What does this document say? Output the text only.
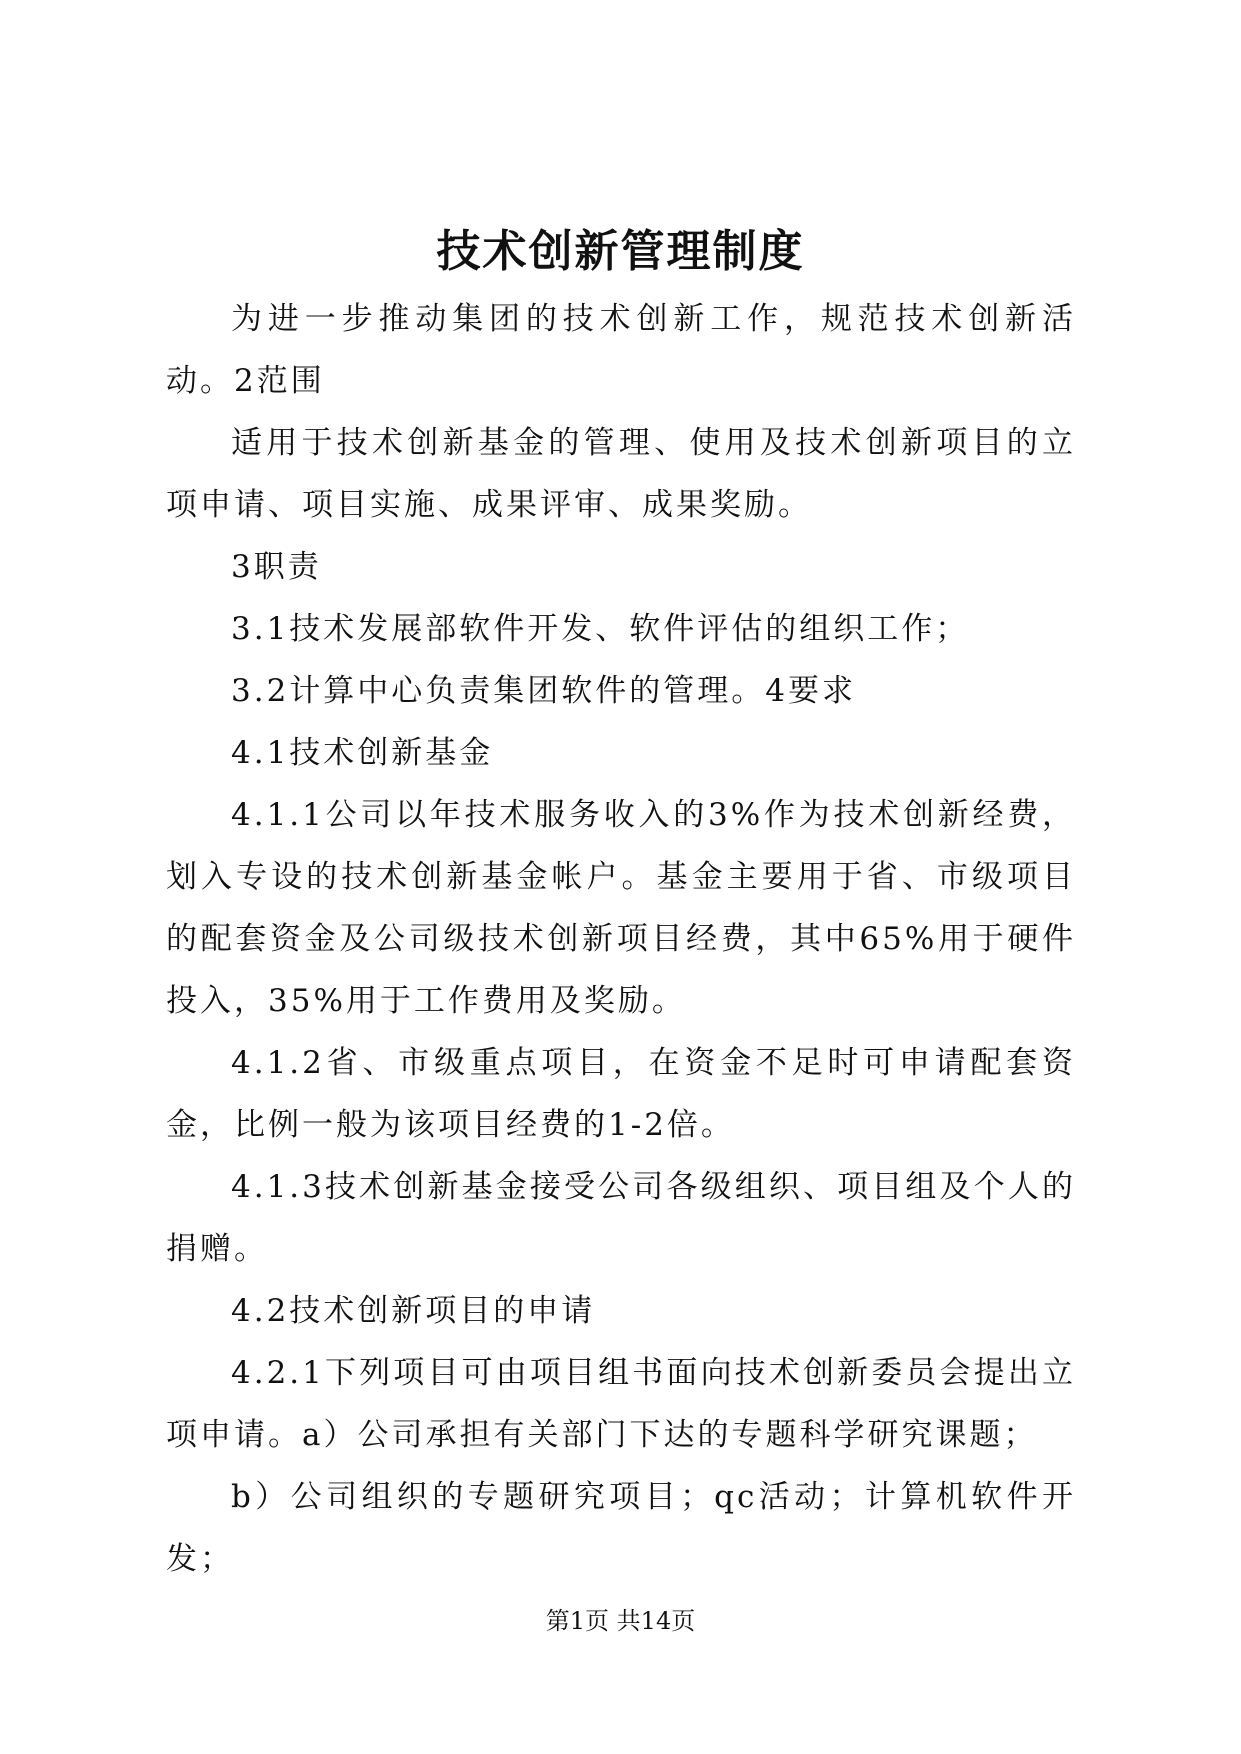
技术创新管理制度

为进一步推动集团的技术创新工作，规范技术创新活动。2范围

适用于技术创新基金的管理、使用及技术创新项目的立项申请、项目实施、成果评审、成果奖励。

3职责

3.1技术发展部软件开发、软件评估的组织工作；

3.2计算中心负责集团软件的管理。4要求

4.1技术创新基金

4.1.1公司以年技术服务收入的3%作为技术创新经费，划入专设的技术创新基金帐户。基金主要用于省、市级项目的配套资金及公司级技术创新项目经费，其中65%用于硬件投入，35%用于工作费用及奖励。

4.1.2省、市级重点项目，在资金不足时可申请配套资金，比例一般为该项目经费的1-2倍。

4.1.3技术创新基金接受公司各级组织、项目组及个人的捐赠。

4.2技术创新项目的申请

4.2.1下列项目可由项目组书面向技术创新委员会提出立项申请。a）公司承担有关部门下达的专题科学研究课题；

b）公司组织的专题研究项目；qc活动；计算机软件开发；

第1页 共14页
